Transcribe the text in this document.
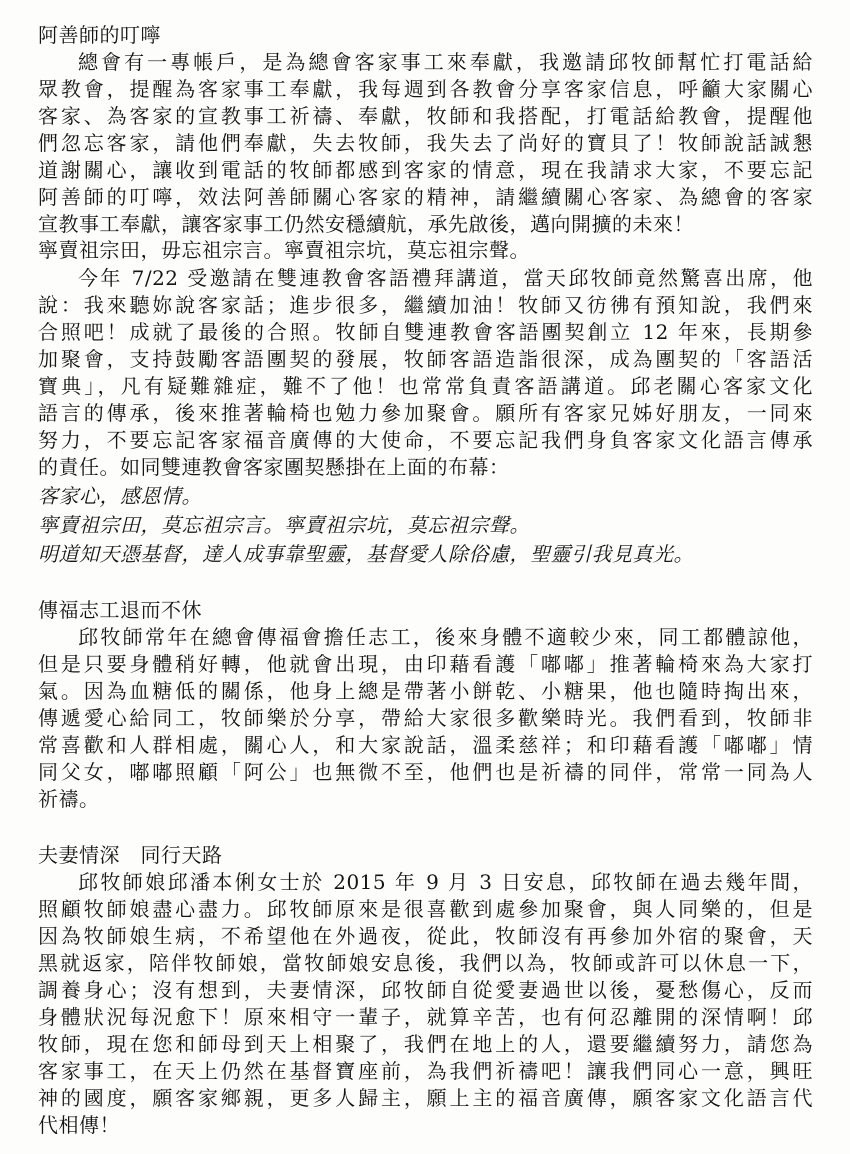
阿善師的叮嚀
總會有一專帳戶，是為總會客家事工來奉獻，我邀請邱牧師幫忙打電話給
眾教會，提醒為客家事工奉獻，我每週到各教會分享客家信息，呼籲大家關心
客家、為客家的宣教事工祈禱、奉獻，牧師和我搭配，打電話給教會，提醒他
們忽忘客家，請他們奉獻，失去牧師，我失去了尚好的寶貝了！牧師說話誠懇
道謝關心，讓收到電話的牧師都感到客家的情意，現在我請求大家，不要忘記
阿善師的叮嚀，效法阿善師關心客家的精神，請繼續關心客家、為總會的客家
宣教事工奉獻，讓客家事工仍然安穩續航，承先啟後，邁向開擴的未來！
寧賣祖宗田，毋忘祖宗言。寧賣祖宗坑，莫忘祖宗聲。
今年 7/22 受邀請在雙連教會客語禮拜講道，當天邱牧師竟然驚喜出席，他
說：我來聽妳說客家話；進步很多，繼續加油！牧師又彷彿有預知說，我們來
合照吧！成就了最後的合照。牧師自雙連教會客語團契創立 12 年來，長期參
加聚會，支持鼓勵客語團契的發展，牧師客語造詣很深，成為團契的「客語活
寶典」，凡有疑難雜症，難不了他！也常常負責客語講道。邱老關心客家文化
語言的傳承，後來推著輪椅也勉力參加聚會。願所有客家兄姊好朋友，一同來
努力，不要忘記客家福音廣傳的大使命，不要忘記我們身負客家文化語言傳承
的責任。如同雙連教會客家團契懸掛在上面的布幕：
客家心，感恩情。
寧賣祖宗田，莫忘祖宗言。寧賣祖宗坑，莫忘祖宗聲。
明道知天憑基督，達人成事靠聖靈，基督愛人除俗慮，聖靈引我見真光。
傳福志工退而不休
邱牧師常年在總會傳福會擔任志工，後來身體不適較少來，同工都體諒他，
但是只要身體稍好轉，他就會出現，由印藉看護「嘟嘟」推著輪椅來為大家打
氣。因為血糖低的關係，他身上總是帶著小餅乾、小糖果，他也隨時掏出來，
傳遞愛心給同工，牧師樂於分享，帶給大家很多歡樂時光。我們看到，牧師非
常喜歡和人群相處，關心人，和大家說話，溫柔慈祥；和印藉看護「嘟嘟」情
同父女，嘟嘟照顧「阿公」也無微不至，他們也是祈禱的同伴，常常一同為人
祈禱。
夫妻情深　同行天路
邱牧師娘邱潘本俐女士於 2015 年 9 月 3 日安息，邱牧師在過去幾年間，
照顧牧師娘盡心盡力。邱牧師原來是很喜歡到處參加聚會，與人同樂的，但是
因為牧師娘生病，不希望他在外過夜，從此，牧師沒有再參加外宿的聚會，天
黑就返家，陪伴牧師娘，當牧師娘安息後，我們以為，牧師或許可以休息一下，
調養身心；沒有想到，夫妻情深，邱牧師自從愛妻過世以後，憂愁傷心，反而
身體狀況每況愈下！原來相守一輩子，就算辛苦，也有何忍離開的深情啊！邱
牧師，現在您和師母到天上相聚了，我們在地上的人，還要繼續努力，請您為
客家事工，在天上仍然在基督寶座前，為我們祈禱吧！讓我們同心一意，興旺
神的國度，願客家鄉親，更多人歸主，願上主的福音廣傳，願客家文化語言代
代相傳！
